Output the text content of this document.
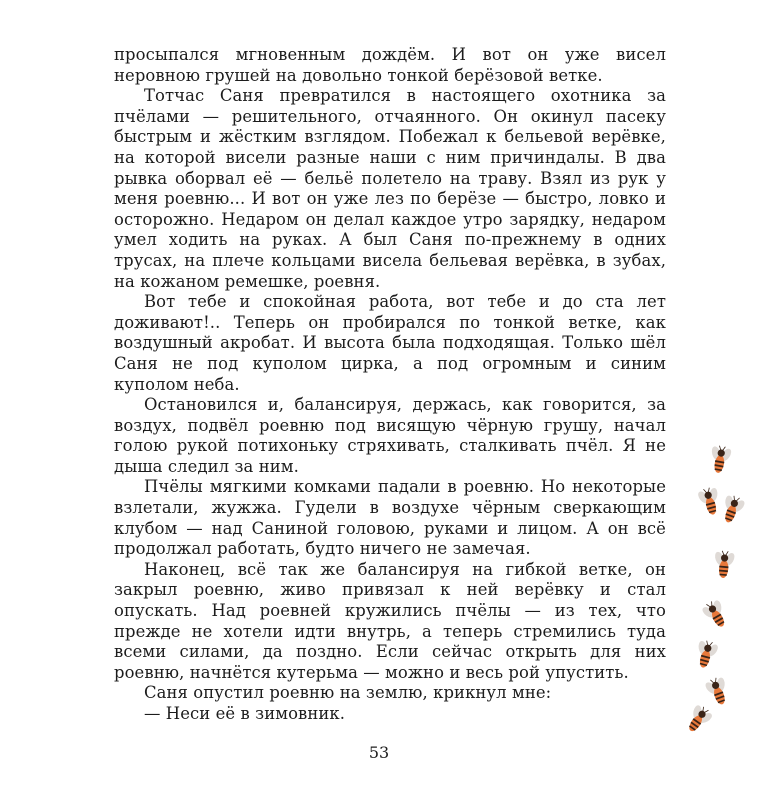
просыпался мгновенным дождём. И вот он уже висел неровною грушей на довольно тонкой берёзовой ветке.

Тотчас Саня превратился в настоящего охотника за пчёлами — решительного, отчаянного. Он окинул пасеку быстрым и жёстким взглядом. Побежал к бельевой верёвке, на которой висели разные наши с ним причиндалы. В два рывка оборвал её — бельё полетело на траву. Взял из рук у меня роевню... И вот он уже лез по берёзе — быстро, ловко и осторожно. Недаром он делал каждое утро зарядку, недаром умел ходить на руках. А был Саня по-прежнему в одних трусах, на плече кольцами висела бельевая верёвка, в зубах, на кожаном ремешке, роевня.

Вот тебе и спокойная работа, вот тебе и до ста лет доживают!.. Теперь он пробирался по тонкой ветке, как воздушный акробат. И высота была подходящая. Только шёл Саня не под куполом цирка, а под огромным и синим куполом неба.

Остановился и, балансируя, держась, как говорится, за воздух, подвёл роевню под висящую чёрную грушу, начал голою рукой потихоньку стряхивать, сталкивать пчёл. Я не дыша следил за ним.

Пчёлы мягкими комками падали в роевню. Но некоторые взлетали, жужжа. Гудели в воздухе чёрным сверкающим клубом — над Саниной головою, руками и лицом. А он всё продолжал работать, будто ничего не замечая.

Наконец, всё так же балансируя на гибкой ветке, он закрыл роевню, живо привязал к ней верёвку и стал опускать. Над роевней кружились пчёлы — из тех, что прежде не хотели идти внутрь, а теперь стремились туда всеми силами, да поздно. Если сейчас открыть для них роевню, начнётся кутерьма — можно и весь рой упустить.

Саня опустил роевню на землю, крикнул мне:

— Неси её в зимовник.

53
